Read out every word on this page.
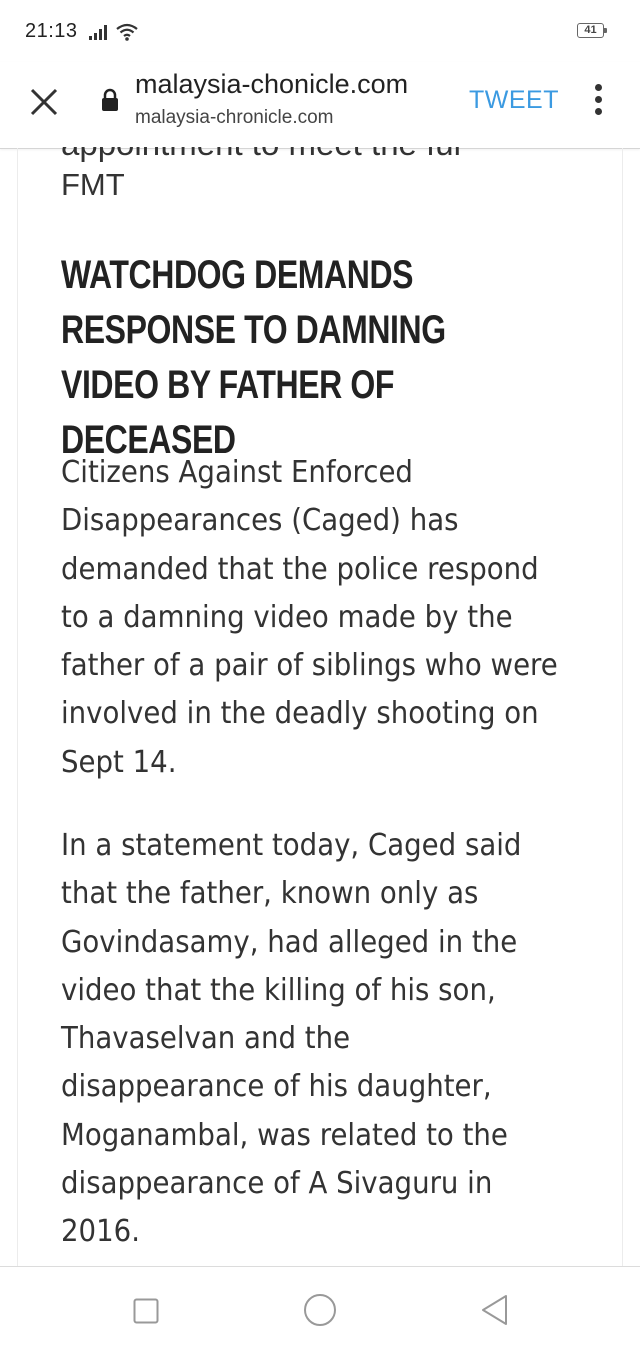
21:13	41
malaysia-chonicle.com
malaysia-chronicle.com
TWEET
FMT
WATCHDOG DEMANDS RESPONSE TO DAMNING VIDEO BY FATHER OF DECEASED

Citizens Against Enforced Disappearances (Caged) has demanded that the police respond to a damning video made by the father of a pair of siblings who were involved in the deadly shooting on Sept 14.

In a statement today, Caged said that the father, known only as Govindasamy, had alleged in the video that the killing of his son, Thavaselvan and the disappearance of his daughter, Moganambal, was related to the disappearance of A Sivaguru in 2016.
